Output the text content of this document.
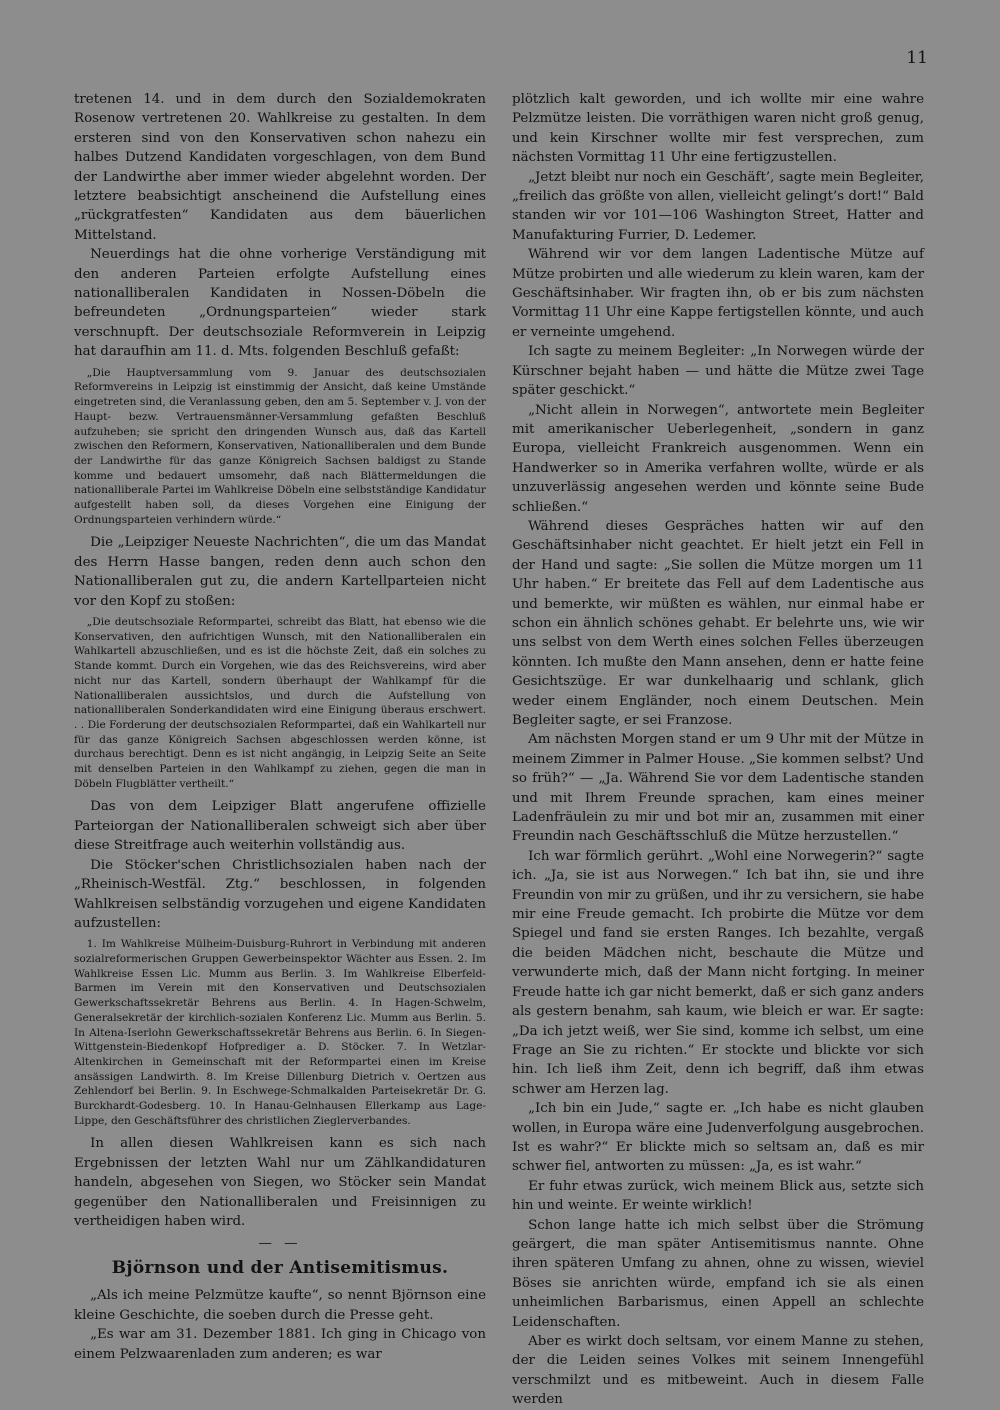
11

tretenen 14. und in dem durch den Sozialdemokraten Rosenow vertretenen 20. Wahlkreise zu gestalten. In dem ersteren sind von den Konservativen schon nahezu ein halbes Dutzend Kandidaten vorgeschlagen, von dem Bund der Landwirthe aber immer wieder abgelehnt worden. Der letztere beabsichtigt anscheinend die Aufstellung eines „rückgratfesten“ Kandidaten aus dem bäuerlichen Mittelstand.

Neuerdings hat die ohne vorherige Verständigung mit den anderen Parteien erfolgte Aufstellung eines nationalliberalen Kandidaten in Nossen-Döbeln die befreundeten „Ordnungsparteien“ wieder stark verschnupft. Der deutschsoziale Reformverein in Leipzig hat daraufhin am 11. d. Mts. folgenden Beschluß gefaßt:

„Die Hauptversammlung vom 9. Januar des deutschsozialen Reformvereins in Leipzig ist einstimmig der Ansicht, daß keine Umstände eingetreten sind, die Veranlassung geben, den am 5. September v. J. von der Haupt- bezw. Vertrauensmänner-Versammlung gefaßten Beschluß aufzuheben; sie spricht den dringenden Wunsch aus, daß das Kartell zwischen den Reformern, Konservativen, Nationalliberalen und dem Bunde der Landwirthe für das ganze Königreich Sachsen baldigst zu Stande komme und bedauert umsomehr, daß nach Blättermeldungen die nationalliberale Partei im Wahlkreise Döbeln eine selbstständige Kandidatur aufgestellt haben soll, da dieses Vorgehen eine Einigung der Ordnungsparteien verhindern würde.“

Die „Leipziger Neueste Nachrichten“, die um das Mandat des Herrn Hasse bangen, reden denn auch schon den Nationalliberalen gut zu, die andern Kartellparteien nicht vor den Kopf zu stoßen:

„Die deutschsoziale Reformpartei, schreibt das Blatt, hat ebenso wie die Konservativen, den aufrichtigen Wunsch, mit den Nationalliberalen ein Wahlkartell abzuschließen, und es ist die höchste Zeit, daß ein solches zu Stande kommt. Durch ein Vorgehen, wie das des Reichsvereins, wird aber nicht nur das Kartell, sondern überhaupt der Wahlkampf für die Nationalliberalen aussichtslos, und durch die Aufstellung von nationalliberalen Sonderkandidaten wird eine Einigung überaus erschwert. . . Die Forderung der deutschsozialen Reformpartei, daß ein Wahlkartell nur für das ganze Königreich Sachsen abgeschlossen werden könne, ist durchaus berechtigt. Denn es ist nicht angängig, in Leipzig Seite an Seite mit denselben Parteien in den Wahlkampf zu ziehen, gegen die man in Döbeln Flugblätter vertheilt.“

Das von dem Leipziger Blatt angerufene offizielle Parteiorgan der Nationalliberalen schweigt sich aber über diese Streitfrage auch weiterhin vollständig aus.

Die Stöcker'schen Christlichsozialen haben nach der „Rheinisch-Westfäl. Ztg.“ beschlossen, in folgenden Wahlkreisen selbständig vorzugehen und eigene Kandidaten aufzustellen:

1. Im Wahlkreise Mülheim-Duisburg-Ruhrort in Verbindung mit anderen sozialreformerischen Gruppen Gewerbeinspektor Wächter aus Essen. 2. Im Wahlkreise Essen Lic. Mumm aus Berlin. 3. Im Wahlkreise Elberfeld-Barmen im Verein mit den Konservativen und Deutschsozialen Gewerkschaftssekretär Behrens aus Berlin. 4. In Hagen-Schwelm, Generalsekretär der kirchlich-sozialen Konferenz Lic. Mumm aus Berlin. 5. In Altena-Iserlohn Gewerkschaftssekretär Behrens aus Berlin. 6. In Siegen-Wittgenstein-Biedenkopf Hofprediger a. D. Stöcker. 7. In Wetzlar-Altenkirchen in Gemeinschaft mit der Reformpartei einen im Kreise ansässigen Landwirth. 8. Im Kreise Dillenburg Dietrich v. Oertzen aus Zehlendorf bei Berlin. 9. In Eschwege-Schmalkalden Parteisekretär Dr. G. Burckhardt-Godesberg. 10. In Hanau-Gelnhausen Ellerkamp aus Lage-Lippe, den Geschäftsführer des christlichen Zieglerverbandes.

In allen diesen Wahlkreisen kann es sich nach Ergebnissen der letzten Wahl nur um Zählkandidaturen handeln, abgesehen von Siegen, wo Stöcker sein Mandat gegenüber den Nationalliberalen und Freisinnigen zu vertheidigen haben wird.

— —

Björnson und der Antisemitismus.

„Als ich meine Pelzmütze kaufte“, so nennt Björnson eine kleine Geschichte, die soeben durch die Presse geht.

„Es war am 31. Dezember 1881. Ich ging in Chicago von einem Pelzwaarenladen zum anderen; es war

plötzlich kalt geworden, und ich wollte mir eine wahre Pelzmütze leisten. Die vorräthigen waren nicht groß genug, und kein Kirschner wollte mir fest versprechen, zum nächsten Vormittag 11 Uhr eine fertigzustellen.

„Jetzt bleibt nur noch ein Geschäft’, sagte mein Begleiter, „freilich das größte von allen, vielleicht gelingt’s dort!“ Bald standen wir vor 101—106 Washington Street, Hatter and Manufakturing Furrier, D. Ledemer.

Während wir vor dem langen Ladentische Mütze auf Mütze probirten und alle wiederum zu klein waren, kam der Geschäftsinhaber. Wir fragten ihn, ob er bis zum nächsten Vormittag 11 Uhr eine Kappe fertigstellen könnte, und auch er verneinte umgehend.

Ich sagte zu meinem Begleiter: „In Norwegen würde der Kürschner bejaht haben — und hätte die Mütze zwei Tage später geschickt.“

„Nicht allein in Norwegen“, antwortete mein Begleiter mit amerikanischer Ueberlegenheit, „sondern in ganz Europa, vielleicht Frankreich ausgenommen. Wenn ein Handwerker so in Amerika verfahren wollte, würde er als unzuverlässig angesehen werden und könnte seine Bude schließen.“

Während dieses Gespräches hatten wir auf den Geschäftsinhaber nicht geachtet. Er hielt jetzt ein Fell in der Hand und sagte: „Sie sollen die Mütze morgen um 11 Uhr haben.“ Er breitete das Fell auf dem Ladentische aus und bemerkte, wir müßten es wählen, nur einmal habe er schon ein ähnlich schönes gehabt. Er belehrte uns, wie wir uns selbst von dem Werth eines solchen Felles überzeugen könnten. Ich mußte den Mann ansehen, denn er hatte feine Gesichtszüge. Er war dunkelhaarig und schlank, glich weder einem Engländer, noch einem Deutschen. Mein Begleiter sagte, er sei Franzose.

Am nächsten Morgen stand er um 9 Uhr mit der Mütze in meinem Zimmer in Palmer House. „Sie kommen selbst? Und so früh?“ — „Ja. Während Sie vor dem Ladentische standen und mit Ihrem Freunde sprachen, kam eines meiner Ladenfräulein zu mir und bot mir an, zusammen mit einer Freundin nach Geschäftsschluß die Mütze herzustellen.“

Ich war förmlich gerührt. „Wohl eine Norwegerin?“ sagte ich. „Ja, sie ist aus Norwegen.“ Ich bat ihn, sie und ihre Freundin von mir zu grüßen, und ihr zu versichern, sie habe mir eine Freude gemacht. Ich probirte die Mütze vor dem Spiegel und fand sie ersten Ranges. Ich bezahlte, vergaß die beiden Mädchen nicht, beschaute die Mütze und verwunderte mich, daß der Mann nicht fortging. In meiner Freude hatte ich gar nicht bemerkt, daß er sich ganz anders als gestern benahm, sah kaum, wie bleich er war. Er sagte: „Da ich jetzt weiß, wer Sie sind, komme ich selbst, um eine Frage an Sie zu richten.“ Er stockte und blickte vor sich hin. Ich ließ ihm Zeit, denn ich begriff, daß ihm etwas schwer am Herzen lag.

„Ich bin ein Jude,“ sagte er. „Ich habe es nicht glauben wollen, in Europa wäre eine Judenverfolgung ausgebrochen. Ist es wahr?“ Er blickte mich so seltsam an, daß es mir schwer fiel, antworten zu müssen: „Ja, es ist wahr.“

Er fuhr etwas zurück, wich meinem Blick aus, setzte sich hin und weinte. Er weinte wirklich!

Schon lange hatte ich mich selbst über die Strömung geärgert, die man später Antisemitismus nannte. Ohne ihren späteren Umfang zu ahnen, ohne zu wissen, wieviel Böses sie anrichten würde, empfand ich sie als einen unheimlichen Barbarismus, einen Appell an schlechte Leidenschaften.

Aber es wirkt doch seltsam, vor einem Manne zu stehen, der die Leiden seines Volkes mit seinem Innengefühl verschmilzt und es mitbeweint. Auch in diesem Falle werden
